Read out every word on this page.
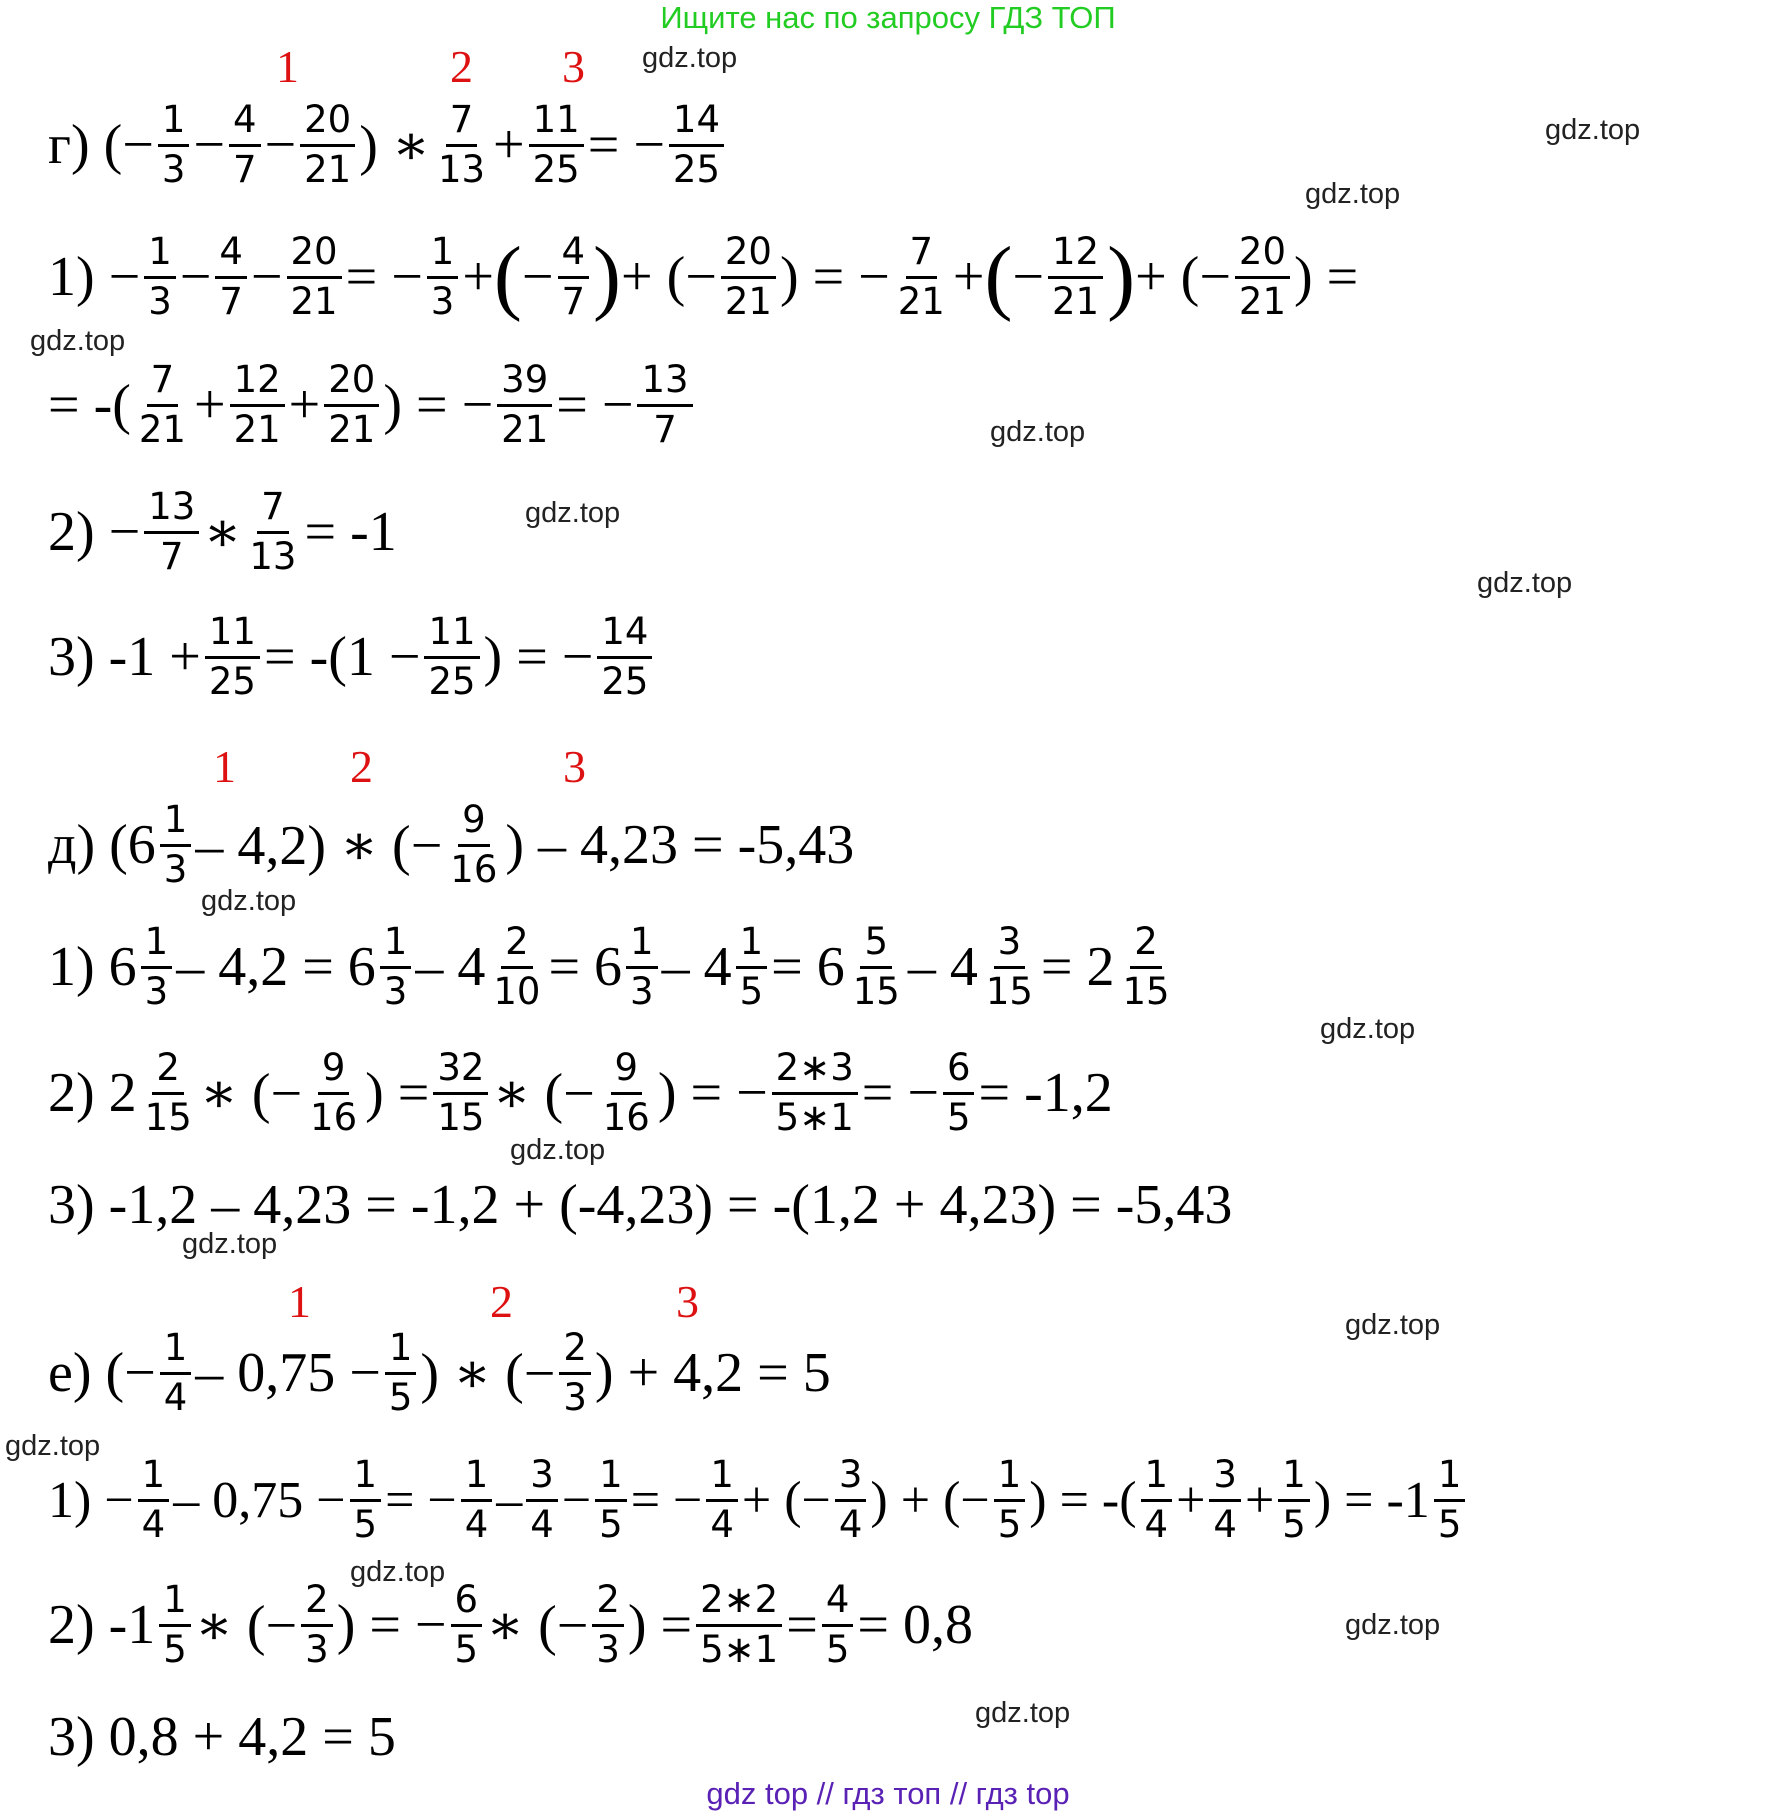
Ищите нас по запросу ГДЗ ТОП
1	2 3
1 2	3
1	2	3
г) (− $\frac{1}{3} - \frac{4}{7} - \frac{20}{21}$ ) ∗ $\frac{7}{13} + \frac{11}{25}$ = − $\frac{14}{25}$
$1) - \frac{1}{3} - \frac{4}{7} - \frac{20}{21}$ = − $\frac{1}{3}$ + ( − $\frac{4}{7}$ ) + (− $\frac{20}{21}$ ) = − $\frac{7}{21}$ + ( − $\frac{12}{21}$ ) + (− $\frac{20}{21}$ ) =
= -( $\frac{7}{21} + \frac{12}{21} + \frac{20}{21}$ ) = − $\frac{39}{21}$ = − $\frac{13}{7}$
$2) - \frac{13}{7}$ ∗ $\frac{7}{13} = -1$
3) $-1 + \frac{11}{25} = -(1 - \frac{11}{25}$ ) = − $\frac{14}{25}$
д) $(6 \frac{1}{3} - 4,2)$ ∗ (− $\frac{9}{16}$ ) – 4,23 = -5,43
1) $6 \frac{1}{3} - 4,2 = 6 \frac{1}{3} - 4 \frac{2}{10} = 6 \frac{1}{3} - 4 \frac{1}{5} = 6 \frac{5}{15} - 4 \frac{3}{15} = 2 \frac{2}{15}$
2) $2 \frac{2}{15}$ ∗ (− $\frac{9}{16}$ ) = $\frac{32}{15}$ ∗ (− $\frac{9}{16}$ ) = − $\frac{2∗3}{5∗1}$ = − $\frac{6}{5} = -1,2$
3) -1,2 – 4,23 = -1,2 + (-4,23) = -(1,2 + 4,23) = -5,43
е) (− $\frac{1}{4} - 0,75 - \frac{1}{5}$ ) ∗ (− $\frac{2}{3}$ ) + 4,2 = 5
$1) - \frac{1}{4} - 0,75 - \frac{1}{5}$ = − $\frac{1}{4} - \frac{3}{4} - \frac{1}{5}$ = − $\frac{1}{4}$ + (− $\frac{3}{4}$ ) + (− $\frac{1}{5}$ ) = -( $\frac{1}{4} + \frac{3}{4} + \frac{1}{5}$ ) = $-1 \frac{1}{5}$
2) $-1 \frac{1}{5}$ ∗ (− $\frac{2}{3}$ ) = − $\frac{6}{5}$ ∗ (− $\frac{2}{3}$ ) = $\frac{2∗2}{5∗1} = \frac{4}{5} = 0,8$
3) 0,8 + 4,2 = 5
gdz.top
gdz.top
gdz.top
gdz.top
gdz.top
gdz.top
gdz.top
gdz.top
gdz.top
gdz.top
gdz.top
gdz.top
gdz.top
gdz.top
gdz.top
gdz.top
gdz top // гдз топ // гдз top
